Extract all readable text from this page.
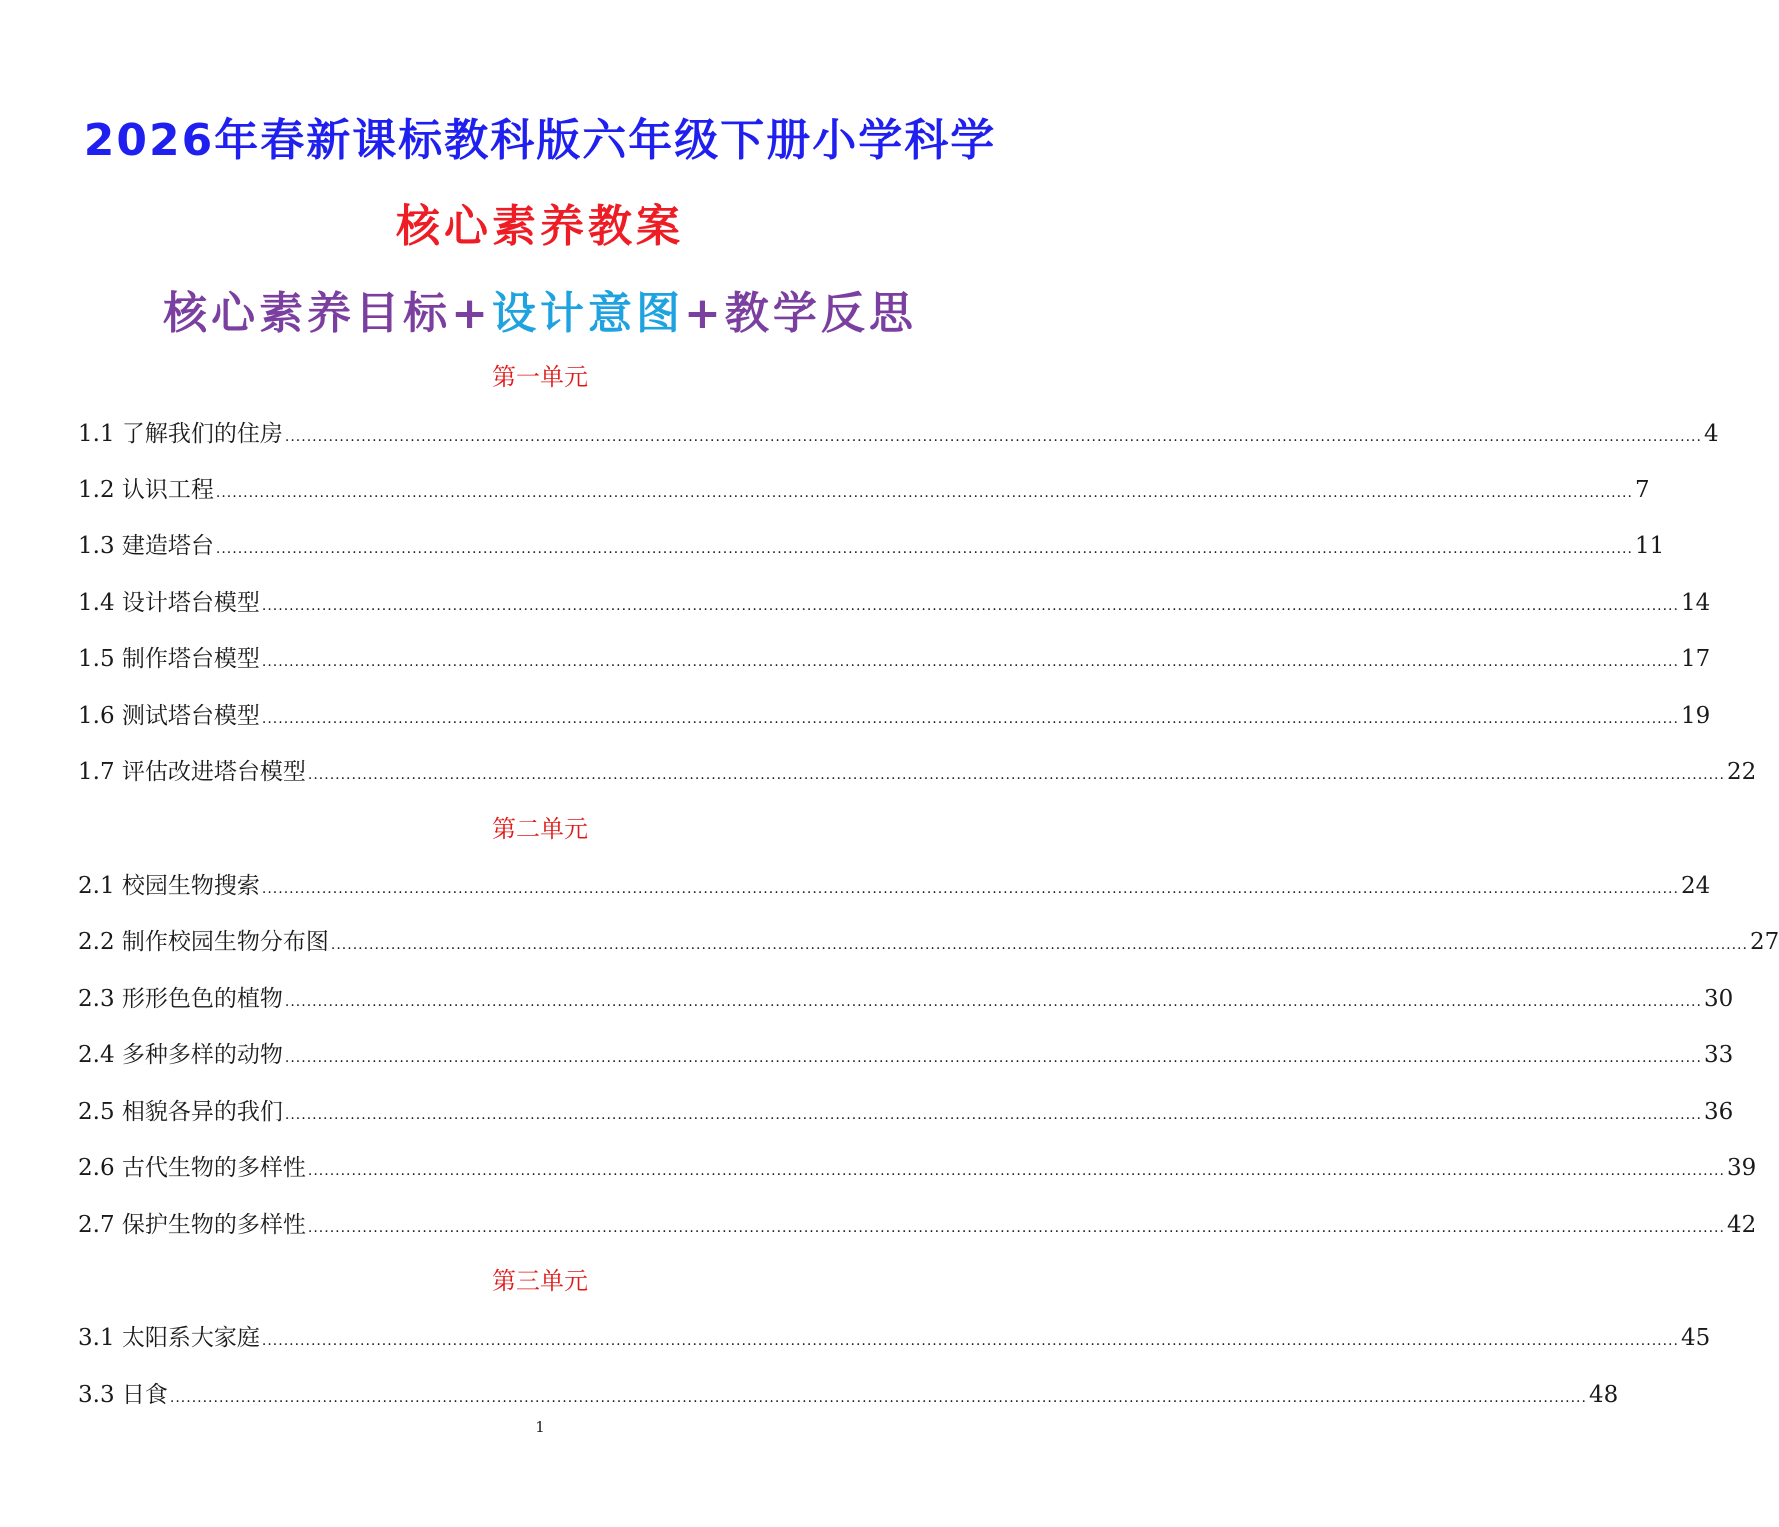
2026年春新课标教科版六年级下册小学科学
核心素养教案
核心素养目标+设计意图+教学反思
第一单元
1.1 了解我们的住房 .................................................................................................................................................................................................................................................................... 4
1.2 认识工程 .................................................................................................................................................................................................................................................................... 7
1.3 建造塔台 .................................................................................................................................................................................................................................................................... 11
1.4 设计塔台模型 .................................................................................................................................................................................................................................................................... 14
1.5 制作塔台模型 .................................................................................................................................................................................................................................................................... 17
1.6 测试塔台模型 .................................................................................................................................................................................................................................................................... 19
1.7 评估改进塔台模型 .................................................................................................................................................................................................................................................................... 22
第二单元
2.1 校园生物搜索 .................................................................................................................................................................................................................................................................... 24
2.2 制作校园生物分布图 .................................................................................................................................................................................................................................................................... 27
2.3 形形色色的植物 .................................................................................................................................................................................................................................................................... 30
2.4 多种多样的动物 .................................................................................................................................................................................................................................................................... 33
2.5 相貌各异的我们 .................................................................................................................................................................................................................................................................... 36
2.6 古代生物的多样性 .................................................................................................................................................................................................................................................................... 39
2.7 保护生物的多样性 .................................................................................................................................................................................................................................................................... 42
第三单元
3.1 太阳系大家庭 .................................................................................................................................................................................................................................................................... 45
3.3 日食 .................................................................................................................................................................................................................................................................... 48
1
